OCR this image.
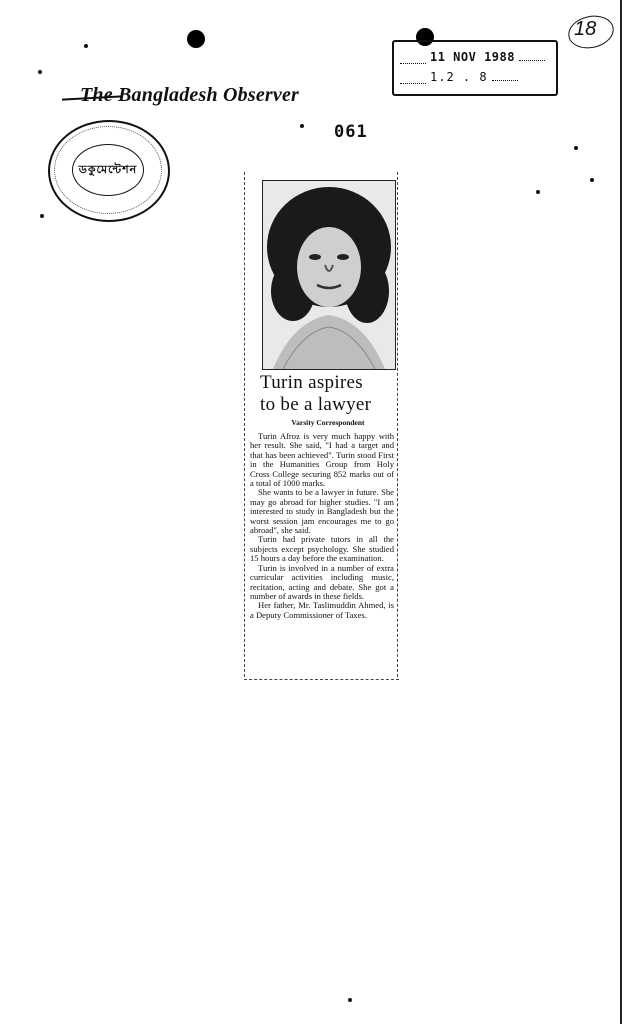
The Bangladesh Observer
ডকুমেন্টেশন
11 NOV 1988
1.2 . 8
18
061
Turin aspires
to be a lawyer
Varsity Correspondent

Turin Afroz is very much happy with her result. She said, "I had a target and that has been achieved". Turin stood First in the Humanities Group from Holy Cross College securing 852 marks out of a total of 1000 marks.

She wants to be a lawyer in future. She may go abroad for higher studies. "I am interested to study in Bangladesh but the worst session jam encourages me to go abroad", she said.

Turin had private tutors in all the subjects except psychology. She studied 15 hours a day before the examination.

Turin is involved in a number of extra curricular activities including music, recitation, acting and debate. She got a number of awards in these fields.

Her father, Mr. Taslimuddin Ahmed, is a Deputy Commissioner of Taxes.
